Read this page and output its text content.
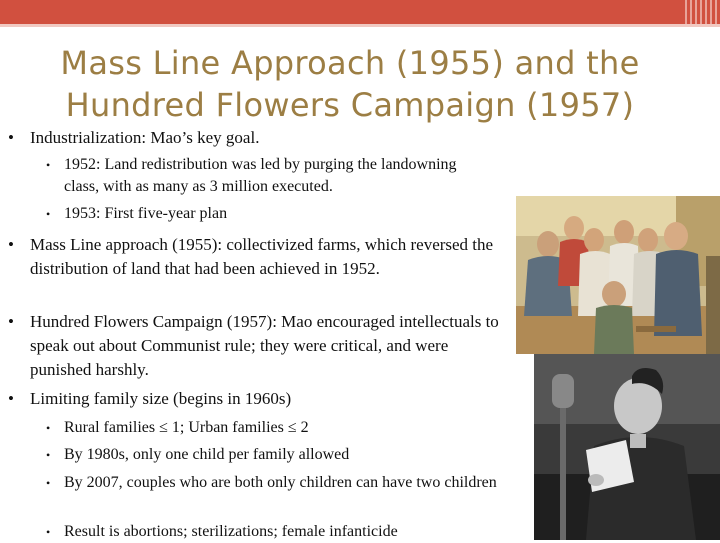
Mass Line Approach (1955) and the
Hundred Flowers Campaign (1957)
• Industrialization: Mao’s key goal.
• 1952: Land redistribution was led by purging the landowning class, with as many as 3 million executed.
• 1953: First five-year plan
• Mass Line approach (1955): collectivized farms, which reversed the distribution of land that had been achieved in 1952.
• Hundred Flowers Campaign (1957): Mao encouraged intellectuals to speak out about Communist rule; they were critical, and were punished harshly.
• Limiting family size (begins in 1960s)
• Rural families ≤ 1; Urban families ≤ 2
• By 1980s, only one child per family allowed
• By 2007, couples who are both only children can have two children
• Result is abortions; sterilizations; female infanticide
